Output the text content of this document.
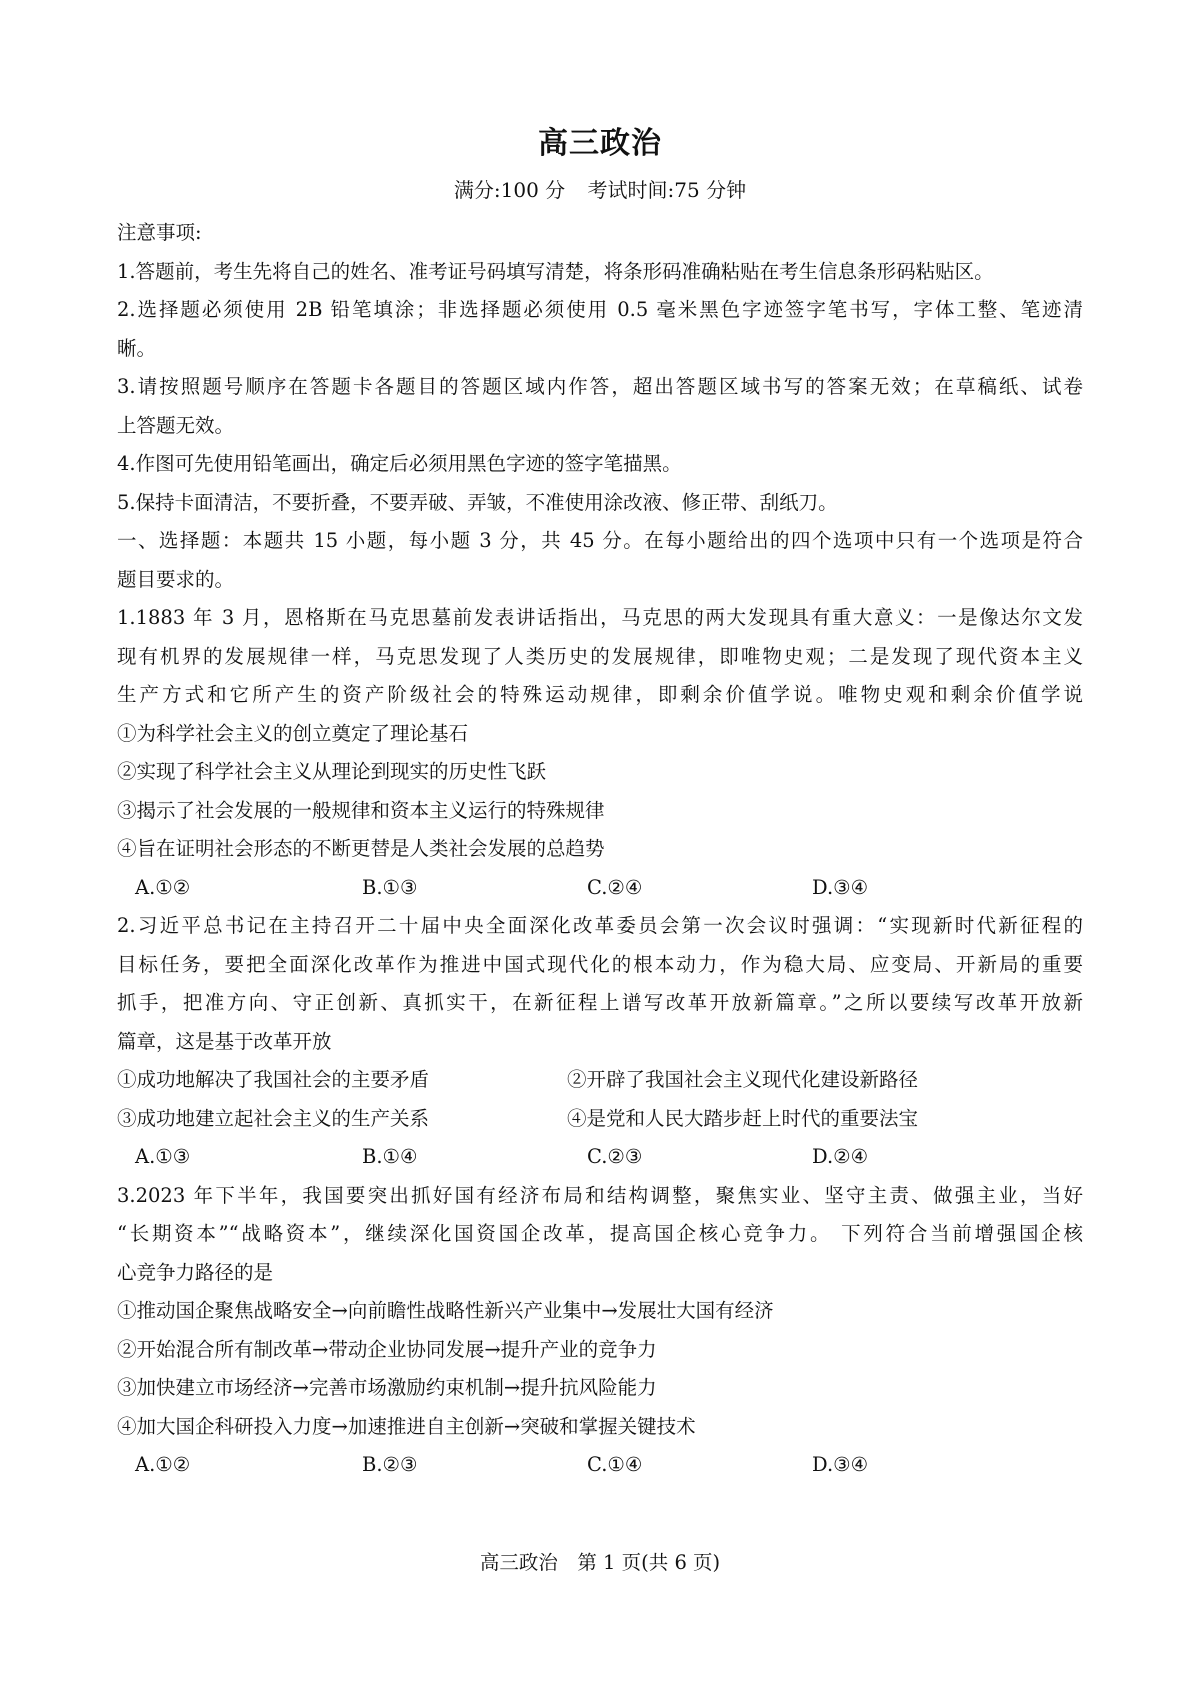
高三政治
满分:100 分 考试时间:75 分钟
注意事项:
1.答题前，考生先将自己的姓名、准考证号码填写清楚，将条形码准确粘贴在考生信息条形码粘贴区。
2.选择题必须使用 2B 铅笔填涂；非选择题必须使用 0.5 毫米黑色字迹签字笔书写，字体工整、笔迹清
晰。
3.请按照题号顺序在答题卡各题目的答题区域内作答，超出答题区域书写的答案无效；在草稿纸、试卷
上答题无效。
4.作图可先使用铅笔画出，确定后必须用黑色字迹的签字笔描黑。
5.保持卡面清洁，不要折叠，不要弄破、弄皱，不准使用涂改液、修正带、刮纸刀。
一、选择题：本题共 15 小题，每小题 3 分，共 45 分。在每小题给出的四个选项中只有一个选项是符合
题目要求的。
1.1883 年 3 月，恩格斯在马克思墓前发表讲话指出，马克思的两大发现具有重大意义：一是像达尔文发
现有机界的发展规律一样，马克思发现了人类历史的发展规律，即唯物史观；二是发现了现代资本主义
生产方式和它所产生的资产阶级社会的特殊运动规律，即剩余价值学说。唯物史观和剩余价值学说
①为科学社会主义的创立奠定了理论基石
②实现了科学社会主义从理论到现实的历史性飞跃
③揭示了社会发展的一般规律和资本主义运行的特殊规律
④旨在证明社会形态的不断更替是人类社会发展的总趋势
A.①②	B.①③	C.②④	D.③④
2.习近平总书记在主持召开二十届中央全面深化改革委员会第一次会议时强调：“实现新时代新征程的
目标任务，要把全面深化改革作为推进中国式现代化的根本动力，作为稳大局、应变局、开新局的重要
抓手，把准方向、守正创新、真抓实干，在新征程上谱写改革开放新篇章。”之所以要续写改革开放新
篇章，这是基于改革开放
①成功地解决了我国社会的主要矛盾	②开辟了我国社会主义现代化建设新路径
③成功地建立起社会主义的生产关系	④是党和人民大踏步赶上时代的重要法宝
A.①③	B.①④	C.②③	D.②④
3.2023 年下半年，我国要突出抓好国有经济布局和结构调整，聚焦实业、坚守主责、做强主业，当好
“长期资本”“战略资本”，继续深化国资国企改革，提高国企核心竞争力。 下列符合当前增强国企核
心竞争力路径的是
①推动国企聚焦战略安全→向前瞻性战略性新兴产业集中→发展壮大国有经济
②开始混合所有制改革→带动企业协同发展→提升产业的竞争力
③加快建立市场经济→完善市场激励约束机制→提升抗风险能力
④加大国企科研投入力度→加速推进自主创新→突破和掌握关键技术
A.①②	B.②③	C.①④	D.③④
高三政治　第 1 页(共 6 页)
